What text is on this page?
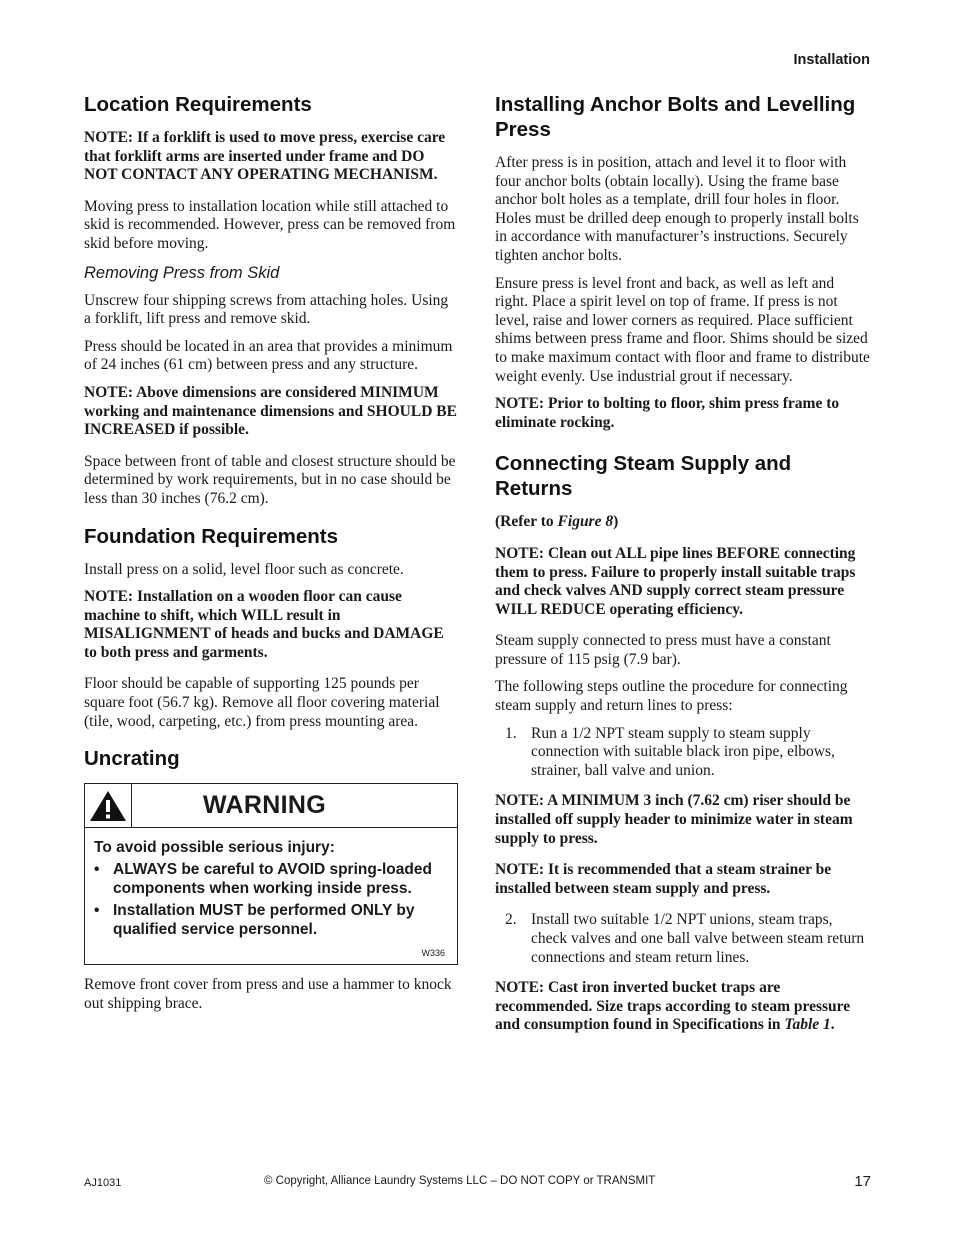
Installation
Location Requirements

NOTE: If a forklift is used to move press, exercise care that forklift arms are inserted under frame and DO NOT CONTACT ANY OPERATING MECHANISM.

Moving press to installation location while still attached to skid is recommended. However, press can be removed from skid before moving.

Removing Press from Skid

Unscrew four shipping screws from attaching holes. Using a forklift, lift press and remove skid.

Press should be located in an area that provides a minimum of 24 inches (61 cm) between press and any structure.

NOTE: Above dimensions are considered MINIMUM working and maintenance dimensions and SHOULD BE INCREASED if possible.

Space between front of table and closest structure should be determined by work requirements, but in no case should be less than 30 inches (76.2 cm).

Foundation Requirements

Install press on a solid, level floor such as concrete.

NOTE: Installation on a wooden floor can cause machine to shift, which WILL result in MISALIGNMENT of heads and bucks and DAMAGE to both press and garments.

Floor should be capable of supporting 125 pounds per square foot (56.7 kg). Remove all floor covering material (tile, wood, carpeting, etc.) from press mounting area.

Uncrating
WARNING
To avoid possible serious injury:
• ALWAYS be careful to AVOID spring-loaded components when working inside press.
• Installation MUST be performed ONLY by qualified service personnel.
W336

Remove front cover from press and use a hammer to knock out shipping brace.

Installing Anchor Bolts and Levelling Press

After press is in position, attach and level it to floor with four anchor bolts (obtain locally). Using the frame base anchor bolt holes as a template, drill four holes in floor. Holes must be drilled deep enough to properly install bolts in accordance with manufacturer’s instructions. Securely tighten anchor bolts.

Ensure press is level front and back, as well as left and right. Place a spirit level on top of frame. If press is not level, raise and lower corners as required. Place sufficient shims between press frame and floor. Shims should be sized to make maximum contact with floor and frame to distribute weight evenly. Use industrial grout if necessary.

NOTE: Prior to bolting to floor, shim press frame to eliminate rocking.

Connecting Steam Supply and Returns

(Refer to Figure 8)

NOTE: Clean out ALL pipe lines BEFORE connecting them to press. Failure to properly install suitable traps and check valves AND supply correct steam pressure WILL REDUCE operating efficiency.

Steam supply connected to press must have a constant pressure of 115 psig (7.9 bar).

The following steps outline the procedure for connecting steam supply and return lines to press:

1. Run a 1/2 NPT steam supply to steam supply connection with suitable black iron pipe, elbows, strainer, ball valve and union.

NOTE: A MINIMUM 3 inch (7.62 cm) riser should be installed off supply header to minimize water in steam supply to press.

NOTE: It is recommended that a steam strainer be installed between steam supply and press.

2. Install two suitable 1/2 NPT unions, steam traps, check valves and one ball valve between steam return connections and steam return lines.

NOTE: Cast iron inverted bucket traps are recommended. Size traps according to steam pressure and consumption found in Specifications in Table 1.

AJ1031	© Copyright, Alliance Laundry Systems LLC – DO NOT COPY or TRANSMIT	17
